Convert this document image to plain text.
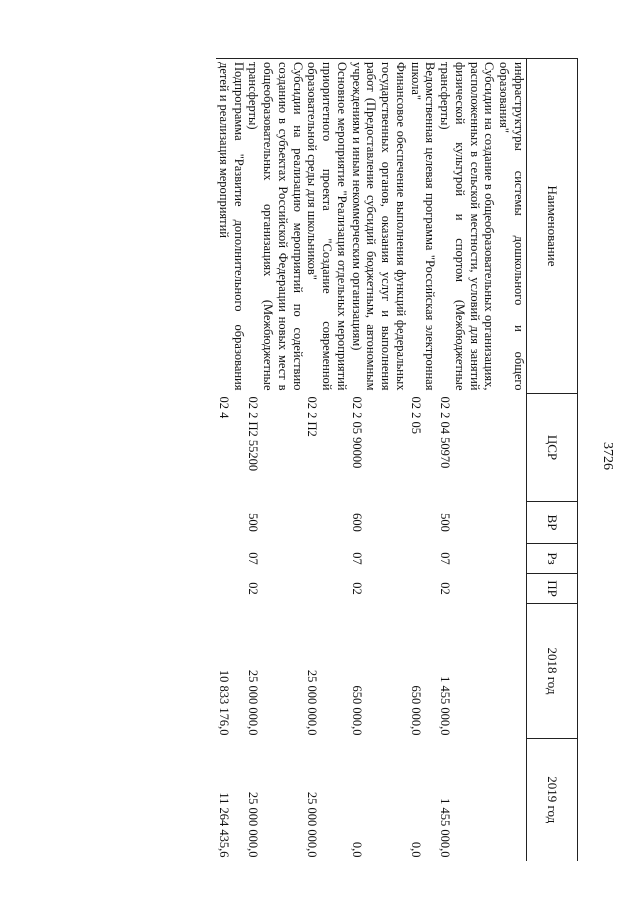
3726
Наименование	ЦСР	ВР	Рз	ПР	2018 год	2019 год
инфраструктуры системы дошкольного и общего образования"						
Субсидии на создание в общеобразовательных организациях, расположенных в сельской местности, условий для занятий физической культурой и спортом (Межбюджетные трансферты)	02 2 04 50970	500	07	02	1 455 000,0	1 455 000,0
Ведомственная целевая программа "Российская электронная школа"	02 2 05				650 000,0	0,0
Финансовое обеспечение выполнения функций федеральных государственных органов, оказания услуг и выполнения работ (Предоставление субсидий бюджетным, автономным учреждениям и иным некоммерческим организациям)	02 2 05 90000	600	07	02	650 000,0	0,0
Основное мероприятие "Реализация отдельных мероприятий приоритетного проекта "Создание современной образовательной среды для школьников"	02 2 П2				25 000 000,0	25 000 000,0
Субсидии на реализацию мероприятий по содействию созданию в субъектах Российской Федерации новых мест в общеобразовательных организациях (Межбюджетные трансферты)	02 2 П2 55200	500	07	02	25 000 000,0	25 000 000,0
Подпрограмма "Развитие дополнительного образования детей и реализация мероприятий	02 4				10 833 176,0	11 264 435,6
